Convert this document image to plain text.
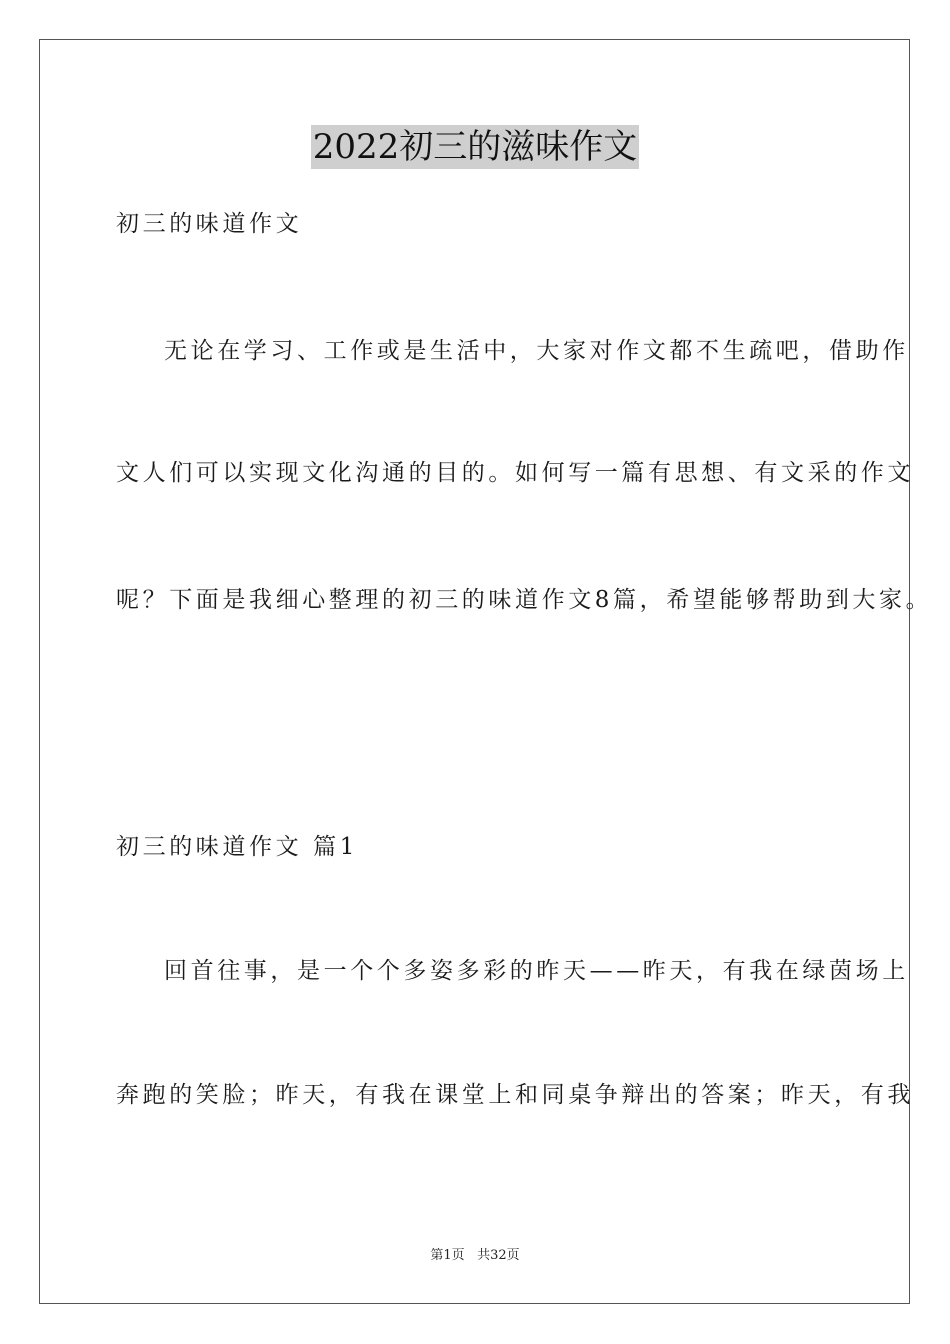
2022初三的滋味作文
初三的味道作文
无论在学习、工作或是生活中，大家对作文都不生疏吧，借助作
文人们可以实现文化沟通的目的。如何写一篇有思想、有文采的作文
呢？下面是我细心整理的初三的味道作文8篇，希望能够帮助到大家。
初三的味道作文 篇1
回首往事，是一个个多姿多彩的昨天——昨天，有我在绿茵场上
奔跑的笑脸；昨天，有我在课堂上和同桌争辩出的答案；昨天，有我
第1页 共32页
